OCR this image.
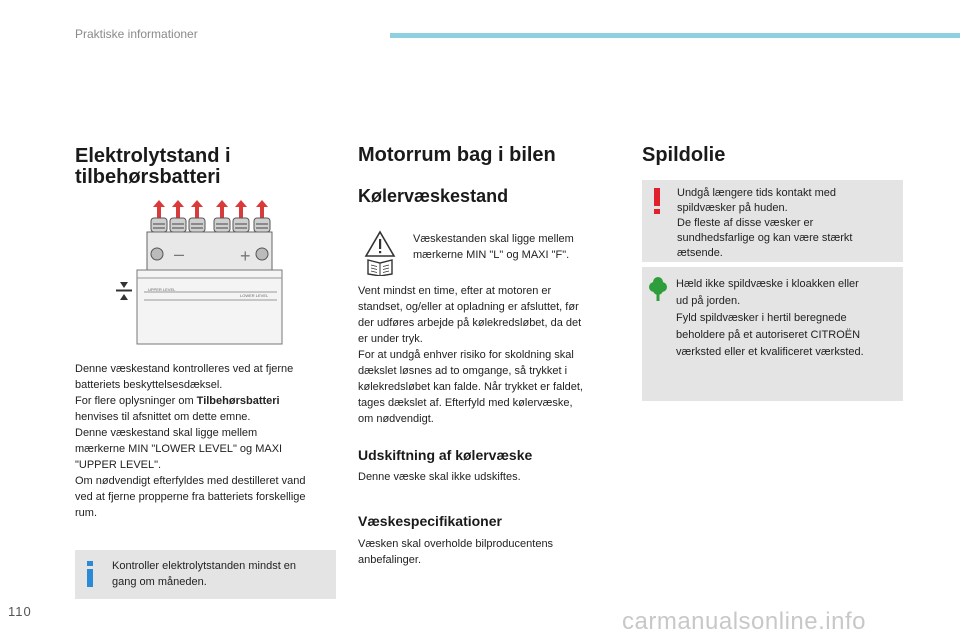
Praktiske informationer
Elektrolytstand i
tilbehørsbatteri
–	+
UPPER LEVEL
LOWER LEVEL

Denne væskestand kontrolleres ved at fjerne

batteriets beskyttelsesdæksel.

For flere oplysninger om Tilbehørsbatteri

henvises til afsnittet om dette emne.

Denne væskestand skal ligge mellem

mærkerne MIN "LOWER LEVEL" og MAXI

"UPPER LEVEL".

Om nødvendigt efterfyldes med destilleret vand

ved at fjerne propperne fra batteriets forskellige

rum.

Kontroller elektrolytstanden mindst en

gang om måneden.

Motorrum bag i bilen
Kølervæskestand

Væskestanden skal ligge mellem

mærkerne MIN "L" og MAXI "F".

Vent mindst en time, efter at motoren er

standset, og/eller at opladning er afsluttet, før

der udføres arbejde på kølekredsløbet, da det

er under tryk.

For at undgå enhver risiko for skoldning skal

dækslet løsnes ad to omgange, så trykket i

kølekredsløbet kan falde. Når trykket er faldet,

tages dækslet af. Efterfyld med kølervæske,

om nødvendigt.

Udskiftning af kølervæske
Denne væske skal ikke udskiftes.
Væskespecifikationer

Væsken skal overholde bilproducentens

anbefalinger.

Spildolie

Undgå længere tids kontakt med

spildvæsker på huden.

De fleste af disse væsker er

sundhedsfarlige og kan være stærkt

ætsende.

Hæld ikke spildvæske i kloakken eller

ud på jorden.

Fyld spildvæsker i hertil beregnede

beholdere på et autoriseret CITROËN

værksted eller et kvalificeret værksted.

110	carmanualsonline.info
